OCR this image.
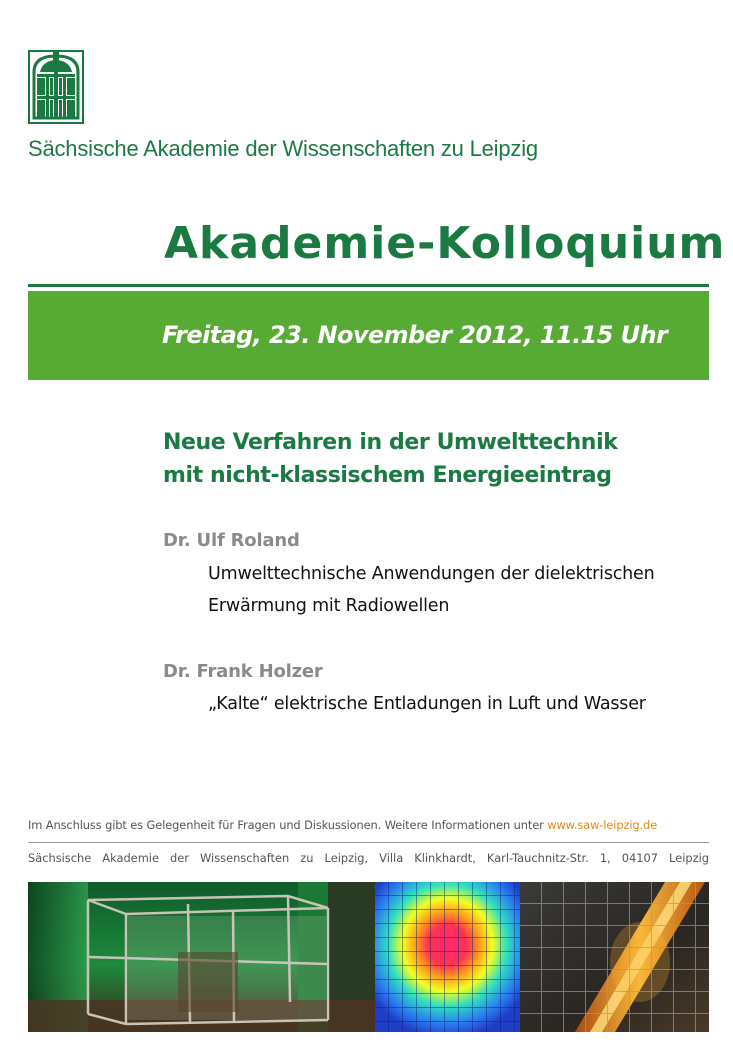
Sächsische Akademie der Wissenschaften zu Leipzig
Akademie-Kolloquium
Freitag, 23. November 2012, 11.15 Uhr
Neue Verfahren in der Umwelttechnik
mit nicht-klassischem Energieeintrag
Dr. Ulf Roland
Umwelttechnische Anwendungen der dielektrischen
Erwärmung mit Radiowellen
Dr. Frank Holzer
„Kalte“ elektrische Entladungen in Luft und Wasser
Im Anschluss gibt es Gelegenheit für Fragen und Diskussionen. Weitere Informationen unter www.saw-leipzig.de
Sächsische Akademie der Wissenschaften zu Leipzig, Villa Klinkhardt, Karl-Tauchnitz-Str. 1, 04107 Leipzig
